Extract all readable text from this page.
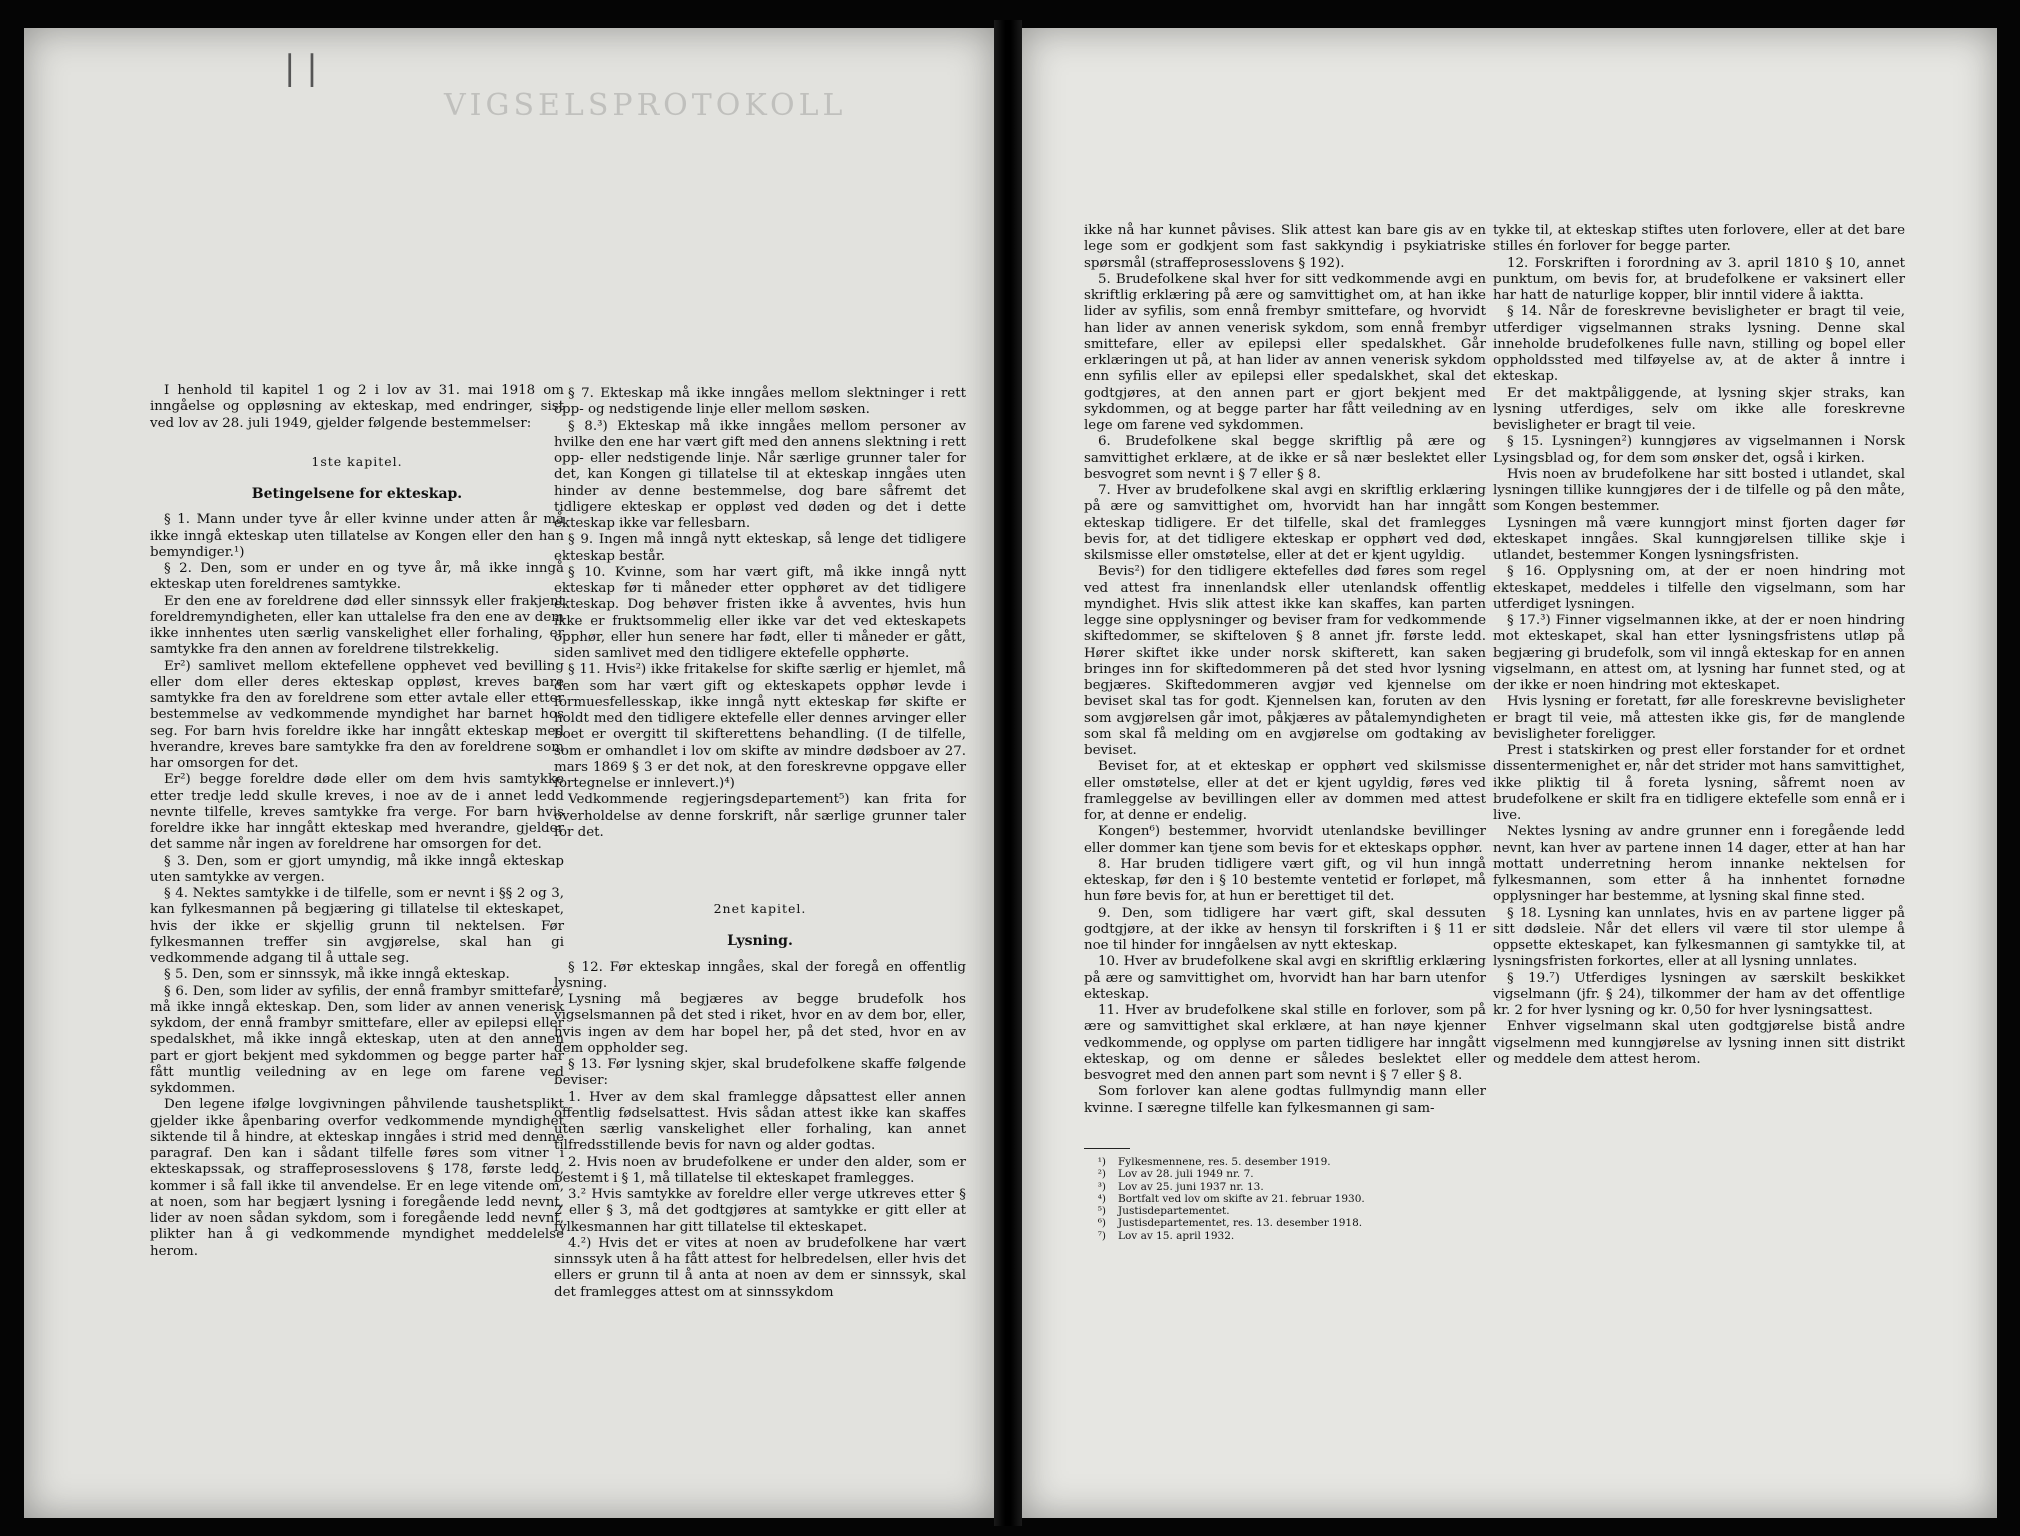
| |
VIGSELSPROTOKOLL

I henhold til kapitel 1 og 2 i lov av 31. mai 1918 om inngåelse og oppløsning av ekteskap, med endringer, sist ved lov av 28. juli 1949, gjelder følgende bestemmelser:

1ste kapitel.

Betingelsene for ekteskap.

§ 1. Mann under tyve år eller kvinne under atten år må ikke inngå ekteskap uten tillatelse av Kongen eller den han bemyndiger.¹)

§ 2. Den, som er under en og tyve år, må ikke inngå ekteskap uten foreldrenes samtykke.

Er den ene av foreldrene død eller sinnssyk eller frakjent foreldremyndigheten, eller kan uttalelse fra den ene av dem ikke innhentes uten særlig vanskelighet eller forhaling, er samtykke fra den annen av foreldrene tilstrekkelig.

Er²) samlivet mellom ektefellene opphevet ved bevilling eller dom eller deres ekteskap oppløst, kreves bare samtykke fra den av foreldrene som etter avtale eller etter bestemmelse av vedkommende myndighet har barnet hos seg. For barn hvis foreldre ikke har inngått ekteskap med hverandre, kreves bare samtykke fra den av foreldrene som har omsorgen for det.

Er²) begge foreldre døde eller om dem hvis samtykke etter tredje ledd skulle kreves, i noe av de i annet ledd nevnte tilfelle, kreves samtykke fra verge. For barn hvis foreldre ikke har inngått ekteskap med hverandre, gjelder det samme når ingen av foreldrene har omsorgen for det.

§ 3. Den, som er gjort umyndig, må ikke inngå ekteskap uten samtykke av vergen.

§ 4. Nektes samtykke i de tilfelle, som er nevnt i §§ 2 og 3, kan fylkesmannen på begjæring gi tillatelse til ekteskapet, hvis der ikke er skjellig grunn til nektelsen. Før fylkesmannen treffer sin avgjørelse, skal han gi vedkommende adgang til å uttale seg.

§ 5. Den, som er sinnssyk, må ikke inngå ekteskap.

§ 6. Den, som lider av syfilis, der ennå frambyr smittefare, må ikke inngå ekteskap. Den, som lider av annen venerisk sykdom, der ennå frambyr smittefare, eller av epilepsi eller spedalskhet, må ikke inngå ekteskap, uten at den annen part er gjort bekjent med sykdommen og begge parter har fått muntlig veiledning av en lege om farene ved sykdommen.

Den legene ifølge lovgivningen påhvilende taushetsplikt gjelder ikke åpenbaring overfor vedkommende myndighet siktende til å hindre, at ekteskap inngåes i strid med denne paragraf. Den kan i sådant tilfelle føres som vitner i ekteskapssak, og straffeprosesslovens § 178, første ledd, kommer i så fall ikke til anvendelse. Er en lege vitende om, at noen, som har begjært lysning i foregående ledd nevnt, lider av noen sådan sykdom, som i foregående ledd nevnt, plikter han å gi vedkommende myndighet meddelelse herom.

§ 7. Ekteskap må ikke inngåes mellom slektninger i rett opp- og nedstigende linje eller mellom søsken.

§ 8.³) Ekteskap må ikke inngåes mellom personer av hvilke den ene har vært gift med den annens slektning i rett opp- eller nedstigende linje. Når særlige grunner taler for det, kan Kongen gi tillatelse til at ekteskap inngåes uten hinder av denne bestemmelse, dog bare såfremt det tidligere ekteskap er oppløst ved døden og det i dette ekteskap ikke var fellesbarn.

§ 9. Ingen må inngå nytt ekteskap, så lenge det tidligere ekteskap består.

§ 10. Kvinne, som har vært gift, må ikke inngå nytt ekteskap før ti måneder etter opphøret av det tidligere ekteskap. Dog behøver fristen ikke å avventes, hvis hun ikke er fruktsommelig eller ikke var det ved ekteskapets opphør, eller hun senere har født, eller ti måneder er gått, siden samlivet med den tidligere ektefelle opphørte.

§ 11. Hvis²) ikke fritakelse for skifte særlig er hjemlet, må den som har vært gift og ekteskapets opphør levde i formuesfellesskap, ikke inngå nytt ekteskap før skifte er holdt med den tidligere ektefelle eller dennes arvinger eller boet er overgitt til skifterettens behandling. (I de tilfelle, som er omhandlet i lov om skifte av mindre dødsboer av 27. mars 1869 § 3 er det nok, at den foreskrevne oppgave eller fortegnelse er innlevert.)⁴)

Vedkommende regjeringsdepartement⁵) kan frita for overholdelse av denne forskrift, når særlige grunner taler for det.

2net kapitel.

Lysning.

§ 12. Før ekteskap inngåes, skal der foregå en offentlig lysning.

Lysning må begjæres av begge brudefolk hos vigselsmannen på det sted i riket, hvor en av dem bor, eller, hvis ingen av dem har bopel her, på det sted, hvor en av dem oppholder seg.

§ 13. Før lysning skjer, skal brudefolkene skaffe følgende beviser:

1. Hver av dem skal framlegge dåpsattest eller annen offentlig fødselsattest. Hvis sådan attest ikke kan skaffes uten særlig vanskelighet eller forhaling, kan annet tilfredsstillende bevis for navn og alder godtas.

2. Hvis noen av brudefolkene er under den alder, som er bestemt i § 1, må tillatelse til ekteskapet framlegges.

3.² Hvis samtykke av foreldre eller verge utkreves etter § 2 eller § 3, må det godtgjøres at samtykke er gitt eller at fylkesmannen har gitt tillatelse til ekteskapet.

4.²) Hvis det er vites at noen av brudefolkene har vært sinnssyk uten å ha fått attest for helbredelsen, eller hvis det ellers er grunn til å anta at noen av dem er sinnssyk, skal det framlegges attest om at sinnssykdom

ikke nå har kunnet påvises. Slik attest kan bare gis av en lege som er godkjent som fast sakkyndig i psykiatriske spørsmål (straffeprosesslovens § 192).

5. Brudefolkene skal hver for sitt vedkommende avgi en skriftlig erklæring på ære og samvittighet om, at han ikke lider av syfilis, som ennå frembyr smittefare, og hvorvidt han lider av annen venerisk sykdom, som ennå frembyr smittefare, eller av epilepsi eller spedalskhet. Går erklæringen ut på, at han lider av annen venerisk sykdom enn syfilis eller av epilepsi eller spedalskhet, skal det godtgjøres, at den annen part er gjort bekjent med sykdommen, og at begge parter har fått veiledning av en lege om farene ved sykdommen.

6. Brudefolkene skal begge skriftlig på ære og samvittighet erklære, at de ikke er så nær beslektet eller besvogret som nevnt i § 7 eller § 8.

7. Hver av brudefolkene skal avgi en skriftlig erklæring på ære og samvittighet om, hvorvidt han har inngått ekteskap tidligere. Er det tilfelle, skal det framlegges bevis for, at det tidligere ekteskap er opphørt ved død, skilsmisse eller omstøtelse, eller at det er kjent ugyldig.

Bevis²) for den tidligere ektefelles død føres som regel ved attest fra innenlandsk eller utenlandsk offentlig myndighet. Hvis slik attest ikke kan skaffes, kan parten legge sine opplysninger og beviser fram for vedkommende skiftedommer, se skifteloven § 8 annet jfr. første ledd. Hører skiftet ikke under norsk skifterett, kan saken bringes inn for skiftedommeren på det sted hvor lysning begjæres. Skiftedommeren avgjør ved kjennelse om beviset skal tas for godt. Kjennelsen kan, foruten av den som avgjørelsen går imot, påkjæres av påtalemyndigheten som skal få melding om en avgjørelse om godtaking av beviset.

Beviset for, at et ekteskap er opphørt ved skilsmisse eller omstøtelse, eller at det er kjent ugyldig, føres ved framleggelse av bevillingen eller av dommen med attest for, at denne er endelig.

Kongen⁶) bestemmer, hvorvidt utenlandske bevillinger eller dommer kan tjene som bevis for et ekteskaps opphør.

8. Har bruden tidligere vært gift, og vil hun inngå ekteskap, før den i § 10 bestemte ventetid er forløpet, må hun føre bevis for, at hun er berettiget til det.

9. Den, som tidligere har vært gift, skal dessuten godtgjøre, at der ikke av hensyn til forskriften i § 11 er noe til hinder for inngåelsen av nytt ekteskap.

10. Hver av brudefolkene skal avgi en skriftlig erklæring på ære og samvittighet om, hvorvidt han har barn utenfor ekteskap.

11. Hver av brudefolkene skal stille en forlover, som på ære og samvittighet skal erklære, at han nøye kjenner vedkommende, og opplyse om parten tidligere har inngått ekteskap, og om denne er således beslektet eller besvogret med den annen part som nevnt i § 7 eller § 8.

Som forlover kan alene godtas fullmyndig mann eller kvinne. I særegne tilfelle kan fylkesmannen gi sam-

tykke til, at ekteskap stiftes uten forlovere, eller at det bare stilles én forlover for begge parter.

12. Forskriften i forordning av 3. april 1810 § 10, annet punktum, om bevis for, at brudefolkene er vaksinert eller har hatt de naturlige kopper, blir inntil videre å iaktta.

§ 14. Når de foreskrevne bevisligheter er bragt til veie, utferdiger vigselmannen straks lysning. Denne skal inneholde brudefolkenes fulle navn, stilling og bopel eller oppholdssted med tilføyelse av, at de akter å inntre i ekteskap.

Er det maktpåliggende, at lysning skjer straks, kan lysning utferdiges, selv om ikke alle foreskrevne bevisligheter er bragt til veie.

§ 15. Lysningen²) kunngjøres av vigselmannen i Norsk Lysingsblad og, for dem som ønsker det, også i kirken.

Hvis noen av brudefolkene har sitt bosted i utlandet, skal lysningen tillike kunngjøres der i de tilfelle og på den måte, som Kongen bestemmer.

Lysningen må være kunngjort minst fjorten dager før ekteskapet inngåes. Skal kunngjørelsen tillike skje i utlandet, bestemmer Kongen lysningsfristen.

§ 16. Opplysning om, at der er noen hindring mot ekteskapet, meddeles i tilfelle den vigselmann, som har utferdiget lysningen.

§ 17.³) Finner vigselmannen ikke, at der er noen hindring mot ekteskapet, skal han etter lysningsfristens utløp på begjæring gi brudefolk, som vil inngå ekteskap for en annen vigselmann, en attest om, at lysning har funnet sted, og at der ikke er noen hindring mot ekteskapet.

Hvis lysning er foretatt, før alle foreskrevne bevisligheter er bragt til veie, må attesten ikke gis, før de manglende bevisligheter foreligger.

Prest i statskirken og prest eller forstander for et ordnet dissentermenighet er, når det strider mot hans samvittighet, ikke pliktig til å foreta lysning, såfremt noen av brudefolkene er skilt fra en tidligere ektefelle som ennå er i live.

Nektes lysning av andre grunner enn i foregående ledd nevnt, kan hver av partene innen 14 dager, etter at han har mottatt underretning herom innanke nektelsen for fylkesmannen, som etter å ha innhentet fornødne opplysninger har bestemme, at lysning skal finne sted.

§ 18. Lysning kan unnlates, hvis en av partene ligger på sitt dødsleie. Når det ellers vil være til stor ulempe å oppsette ekteskapet, kan fylkesmannen gi samtykke til, at lysningsfristen forkortes, eller at all lysning unnlates.

§ 19.⁷) Utferdiges lysningen av særskilt beskikket vigselmann (jfr. § 24), tilkommer der ham av det offentlige kr. 2 for hver lysning og kr. 0,50 for hver lysningsattest.

Enhver vigselmann skal uten godtgjørelse bistå andre vigselmenn med kunngjørelse av lysning innen sitt distrikt og meddele dem attest herom.

¹)	Fylkesmennene, res. 5. desember 1919.
²)	Lov av 28. juli 1949 nr. 7.
³)	Lov av 25. juni 1937 nr. 13.
⁴)	Bortfalt ved lov om skifte av 21. februar 1930.
⁵)	Justisdepartementet.
⁶)	Justisdepartementet, res. 13. desember 1918.
⁷)	Lov av 15. april 1932.
